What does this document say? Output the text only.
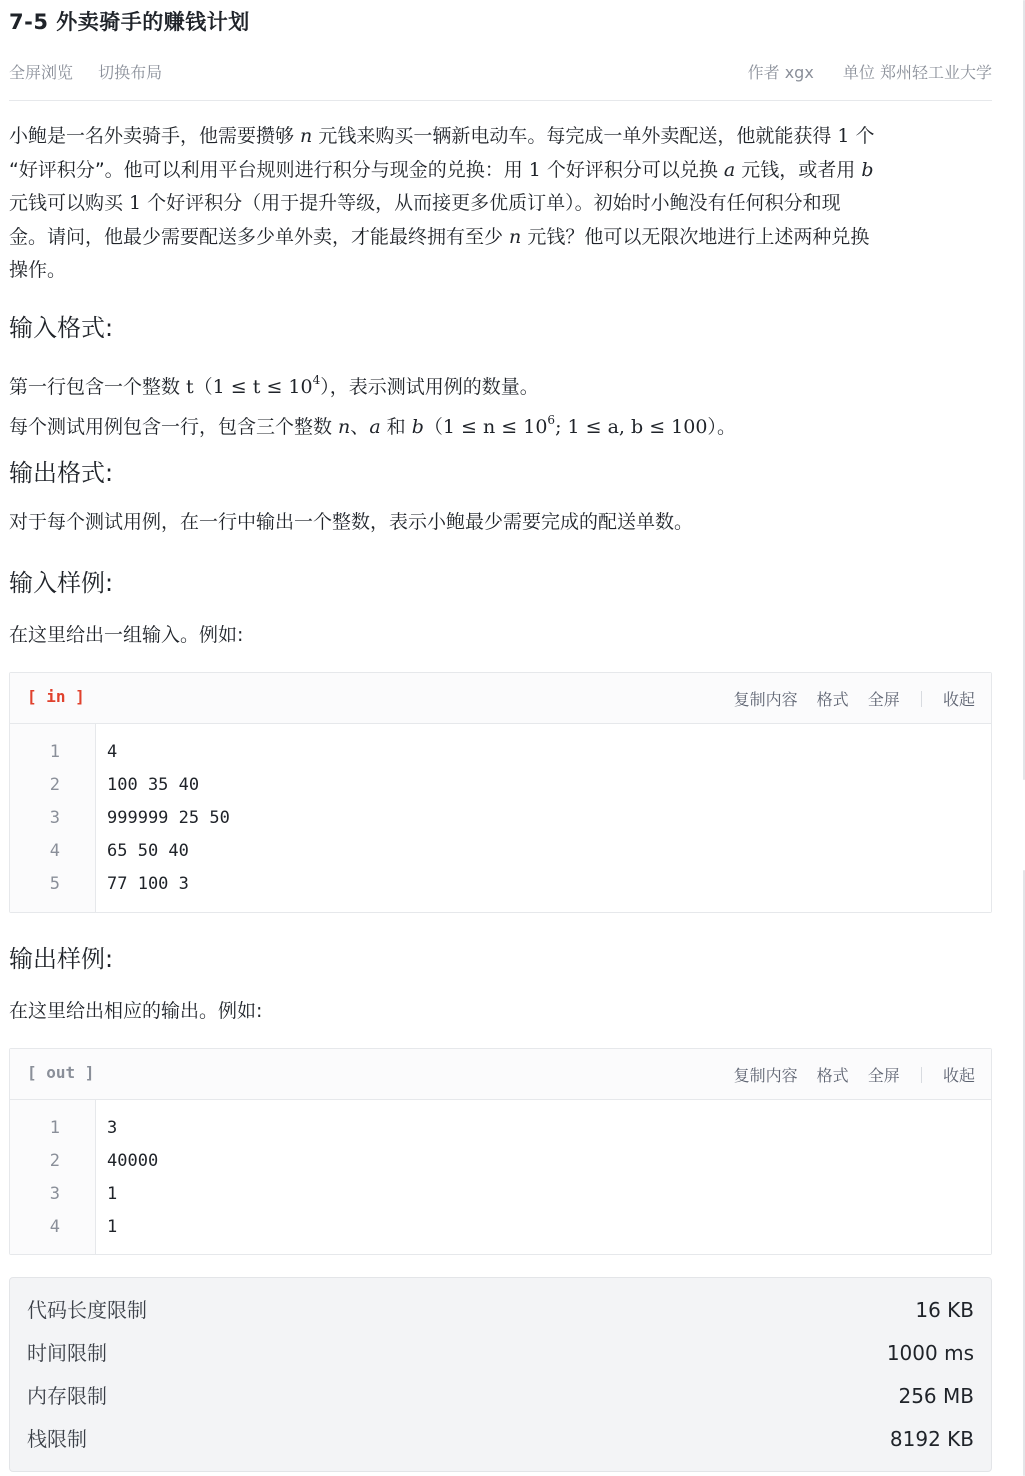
7-5 外卖骑手的赚钱计划
全屏浏览 切换布局	作者 xgx 单位 郑州轻工业大学
小鲍是一名外卖骑手，他需要攒够 n 元钱来购买一辆新电动车。每完成一单外卖配送，他就能获得 1 个
“好评积分”。他可以利用平台规则进行积分与现金的兑换：用 1 个好评积分可以兑换 a 元钱，或者用 b
元钱可以购买 1 个好评积分（用于提升等级，从而接更多优质订单）。初始时小鲍没有任何积分和现
金。请问，他最少需要配送多少单外卖，才能最终拥有至少 n 元钱？他可以无限次地进行上述两种兑换
操作。
输入格式:
第一行包含一个整数 $t(1 \le t \le 10^4)$，表示测试用例的数量。
每个测试用例包含一行，包含三个整数 n、a 和 $b(1 \le n \le 10^6$; 1 ≤ a, b ≤ 100）。
输出格式:
对于每个测试用例，在一行中输出一个整数，表示小鲍最少需要完成的配送单数。
输入样例:
在这里给出一组输入。例如:
[ in ]	复制内容 格式 全屏	收起
1	4
2	100 35 40
3	999999 25 50
4	65 50 40
5	77 100 3
输出样例:
在这里给出相应的输出。例如:
[ out ]	复制内容 格式 全屏	收起
1	3
2	40000
3	1
4	1
代码长度限制	16 KB
时间限制	1000 ms
内存限制	256 MB
栈限制	8192 KB
